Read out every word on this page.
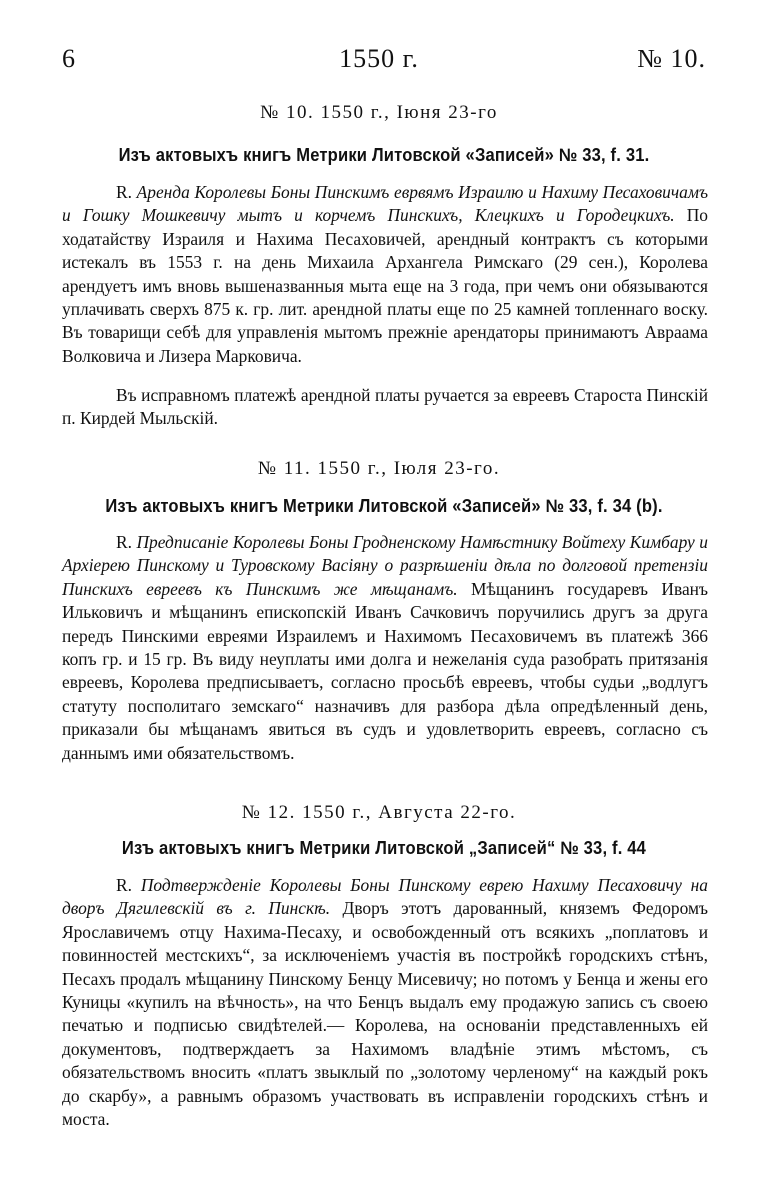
6	1550 г.	№ 10.
№ 10. 1550 г., Іюня 23-го
Изъ актовыхъ книгъ Метрики Литовской «Записей» № 33, f. 31.

R. Аренда Королевы Боны Пинскимъ еврвямъ Израилю и Нахиму Песаховичамъ и Гошку Мошкевичу мытъ и корчемъ Пинскихъ, Клецкихъ и Городецкихъ. По ходатайству Израиля и Нахима Песаховичей, арендный контрактъ съ которыми истекалъ въ 1553 г. на день Михаила Архангела Римскаго (29 сен.), Королева арендуетъ имъ вновь вышеназванныя мыта еще на 3 года, при чемъ они обязываются уплачивать сверхъ 875 к. гр. лит. арендной платы еще по 25 камней топленнаго воску. Въ товарищи себѣ для управленія мытомъ прежніе арендаторы принимаютъ Авраама Волковича и Лизера Марковича.

Въ исправномъ платежѣ арендной платы ручается за евреевъ Староста Пинскій п. Кирдей Мыльскій.

№ 11. 1550 г., Іюля 23-го.
Изъ актовыхъ книгъ Метрики Литовской «Записей» № 33, f. 34 (b).

R. Предписаніе Королевы Боны Гродненскому Намѣстнику Войтеху Кимбару и Архіерею Пинскому и Туровскому Васіяну о разрѣшеніи дѣла по долговой претензіи Пинскихъ евреевъ къ Пинскимъ же мѣщанамъ. Мѣщанинъ государевъ Иванъ Ильковичъ и мѣщанинъ епископскій Иванъ Сачковичъ поручились другъ за друга передъ Пинскими евреями Израилемъ и Нахимомъ Песаховичемъ въ платежѣ 366 копъ гр. и 15 гр. Въ виду неуплаты ими долга и нежеланія суда разобрать притязанія евреевъ, Королева предписываетъ, согласно просьбѣ евреевъ, чтобы судьи „водлугъ статуту посполитаго земскаго“ назначивъ для разбора дѣла опредѣленный день, приказали бы мѣщанамъ явиться въ судъ и удовлетворить евреевъ, согласно съ даннымъ ими обязательствомъ.

№ 12. 1550 г., Августа 22-го.
Изъ актовыхъ книгъ Метрики Литовской „Записей“ № 33, f. 44

R. Подтвержденіе Королевы Боны Пинскому еврею Нахиму Песаховичу на дворъ Дягилевскій въ г. Пинскѣ. Дворъ этотъ дарованный, княземъ Федоромъ Ярославичемъ отцу Нахима-Песаху, и освобожденный отъ всякихъ „поплатовъ и повинностей местскихъ“, за исключеніемъ участія въ постройкѣ городскихъ стѣнъ, Песахъ продалъ мѣщанину Пинскому Бенцу Мисевичу; но потомъ у Бенца и жены его Куницы «купилъ на вѣчность», на что Бенцъ выдалъ ему продажую запись съ своею печатью и подписью свидѣтелей.— Королева, на основаніи представленныхъ ей документовъ, подтверждаетъ за Нахимомъ владѣніе этимъ мѣстомъ, съ обязательствомъ вносить «платъ звыклый по „золотому черленому“ на каждый рокъ до скарбу», а равнымъ образомъ участвовать въ исправленіи городскихъ стѣнъ и моста.
